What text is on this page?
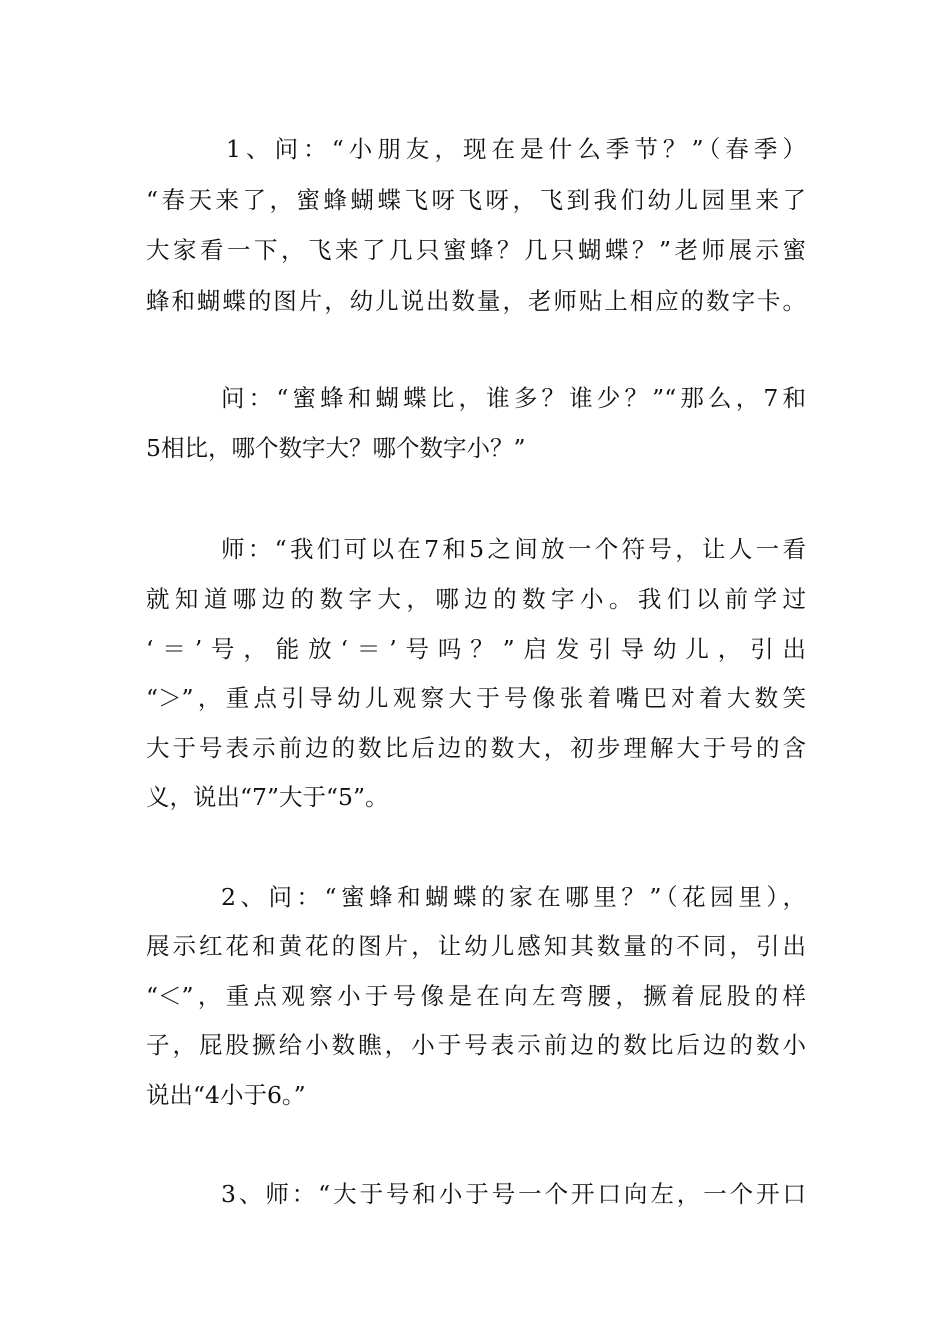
1、问：“小朋友，现在是什么季节？”（春季）
“春天来了，蜜蜂蝴蝶飞呀飞呀，飞到我们幼儿园里来了
大家看一下，飞来了几只蜜蜂？几只蝴蝶？”老师展示蜜
蜂和蝴蝶的图片，幼儿说出数量，老师贴上相应的数字卡。
问：“蜜蜂和蝴蝶比，谁多？谁少？”“那么，7和
5相比，哪个数字大？哪个数字小？”
师：“我们可以在7和5之间放一个符号，让人一看
就知道哪边的数字大，哪边的数字小。我们以前学过
‘＝’号，能放‘＝’号吗？”启发引导幼儿，引出
“＞”，重点引导幼儿观察大于号像张着嘴巴对着大数笑
大于号表示前边的数比后边的数大，初步理解大于号的含
义，说出“7”大于“5”。
2、问：“蜜蜂和蝴蝶的家在哪里？”（花园里），
展示红花和黄花的图片，让幼儿感知其数量的不同，引出
“＜”，重点观察小于号像是在向左弯腰，撅着屁股的样
子，屁股撅给小数瞧，小于号表示前边的数比后边的数小
说出“4小于6。”
3、师：“大于号和小于号一个开口向左，一个开口
